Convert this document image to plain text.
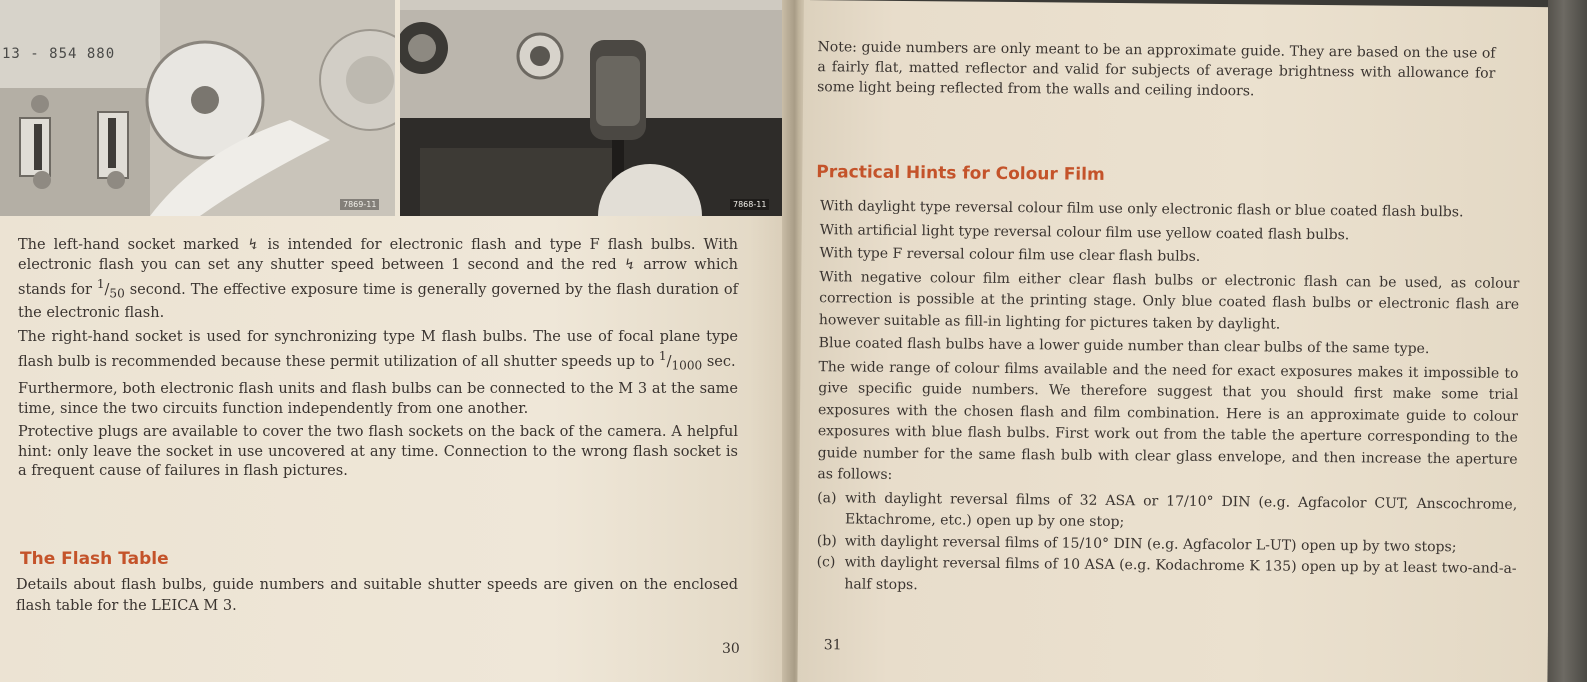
13 - 854 880
7869-11	7868-11

The left-hand socket marked ↯ is intended for electronic flash and type F flash bulbs. With electronic flash you can set any shutter speed between 1 second and the red ↯ arrow which stands for $^1/_{50}$ second. The effective exposure time is generally governed by the flash duration of the electronic flash.

The right-hand socket is used for synchronizing type M flash bulbs. The use of focal plane type flash bulb is recommended because these permit utilization of all shutter speeds up to $^1/_{1000}$ sec.

Furthermore, both electronic flash units and flash bulbs can be connected to the M 3 at the same time, since the two circuits function independently from one another.

Protective plugs are available to cover the two flash sockets on the back of the camera. A helpful hint: only leave the socket in use uncovered at any time. Connection to the wrong flash socket is a frequent cause of failures in flash pictures.

The Flash Table
Details about flash bulbs, guide numbers and suitable shutter speeds are given on the enclosed flash table for the LEICA M 3.
30
Note: guide numbers are only meant to be an approximate guide. They are based on the use of a fairly flat, matted reflector and valid for subjects of average brightness with allowance for some light being reflected from the walls and ceiling indoors.
Practical Hints for Colour Film

With daylight type reversal colour film use only electronic flash or blue coated flash bulbs.

With artificial light type reversal colour film use yellow coated flash bulbs.

With type F reversal colour film use clear flash bulbs.

With negative colour film either clear flash bulbs or electronic flash can be used, as colour correction is possible at the printing stage. Only blue coated flash bulbs or electronic flash are however suitable as fill-in lighting for pictures taken by daylight.

Blue coated flash bulbs have a lower guide number than clear bulbs of the same type.

The wide range of colour films available and the need for exact exposures makes it impossible to give specific guide numbers. We therefore suggest that you should first make some trial exposures with the chosen flash and film combination. Here is an approximate guide to colour exposures with blue flash bulbs. First work out from the table the aperture corresponding to the guide number for the same flash bulb with clear glass envelope, and then increase the aperture as follows:

(a) with daylight reversal films of 32 ASA or 17/10° DIN (e.g. Agfacolor CUT, Anscochrome, Ektachrome, etc.) open up by one stop;
(b) with daylight reversal films of 15/10° DIN (e.g. Agfacolor L-UT) open up by two stops;
(c) with daylight reversal films of 10 ASA (e.g. Kodachrome K 135) open up by at least two-and-a-half stops.
31
